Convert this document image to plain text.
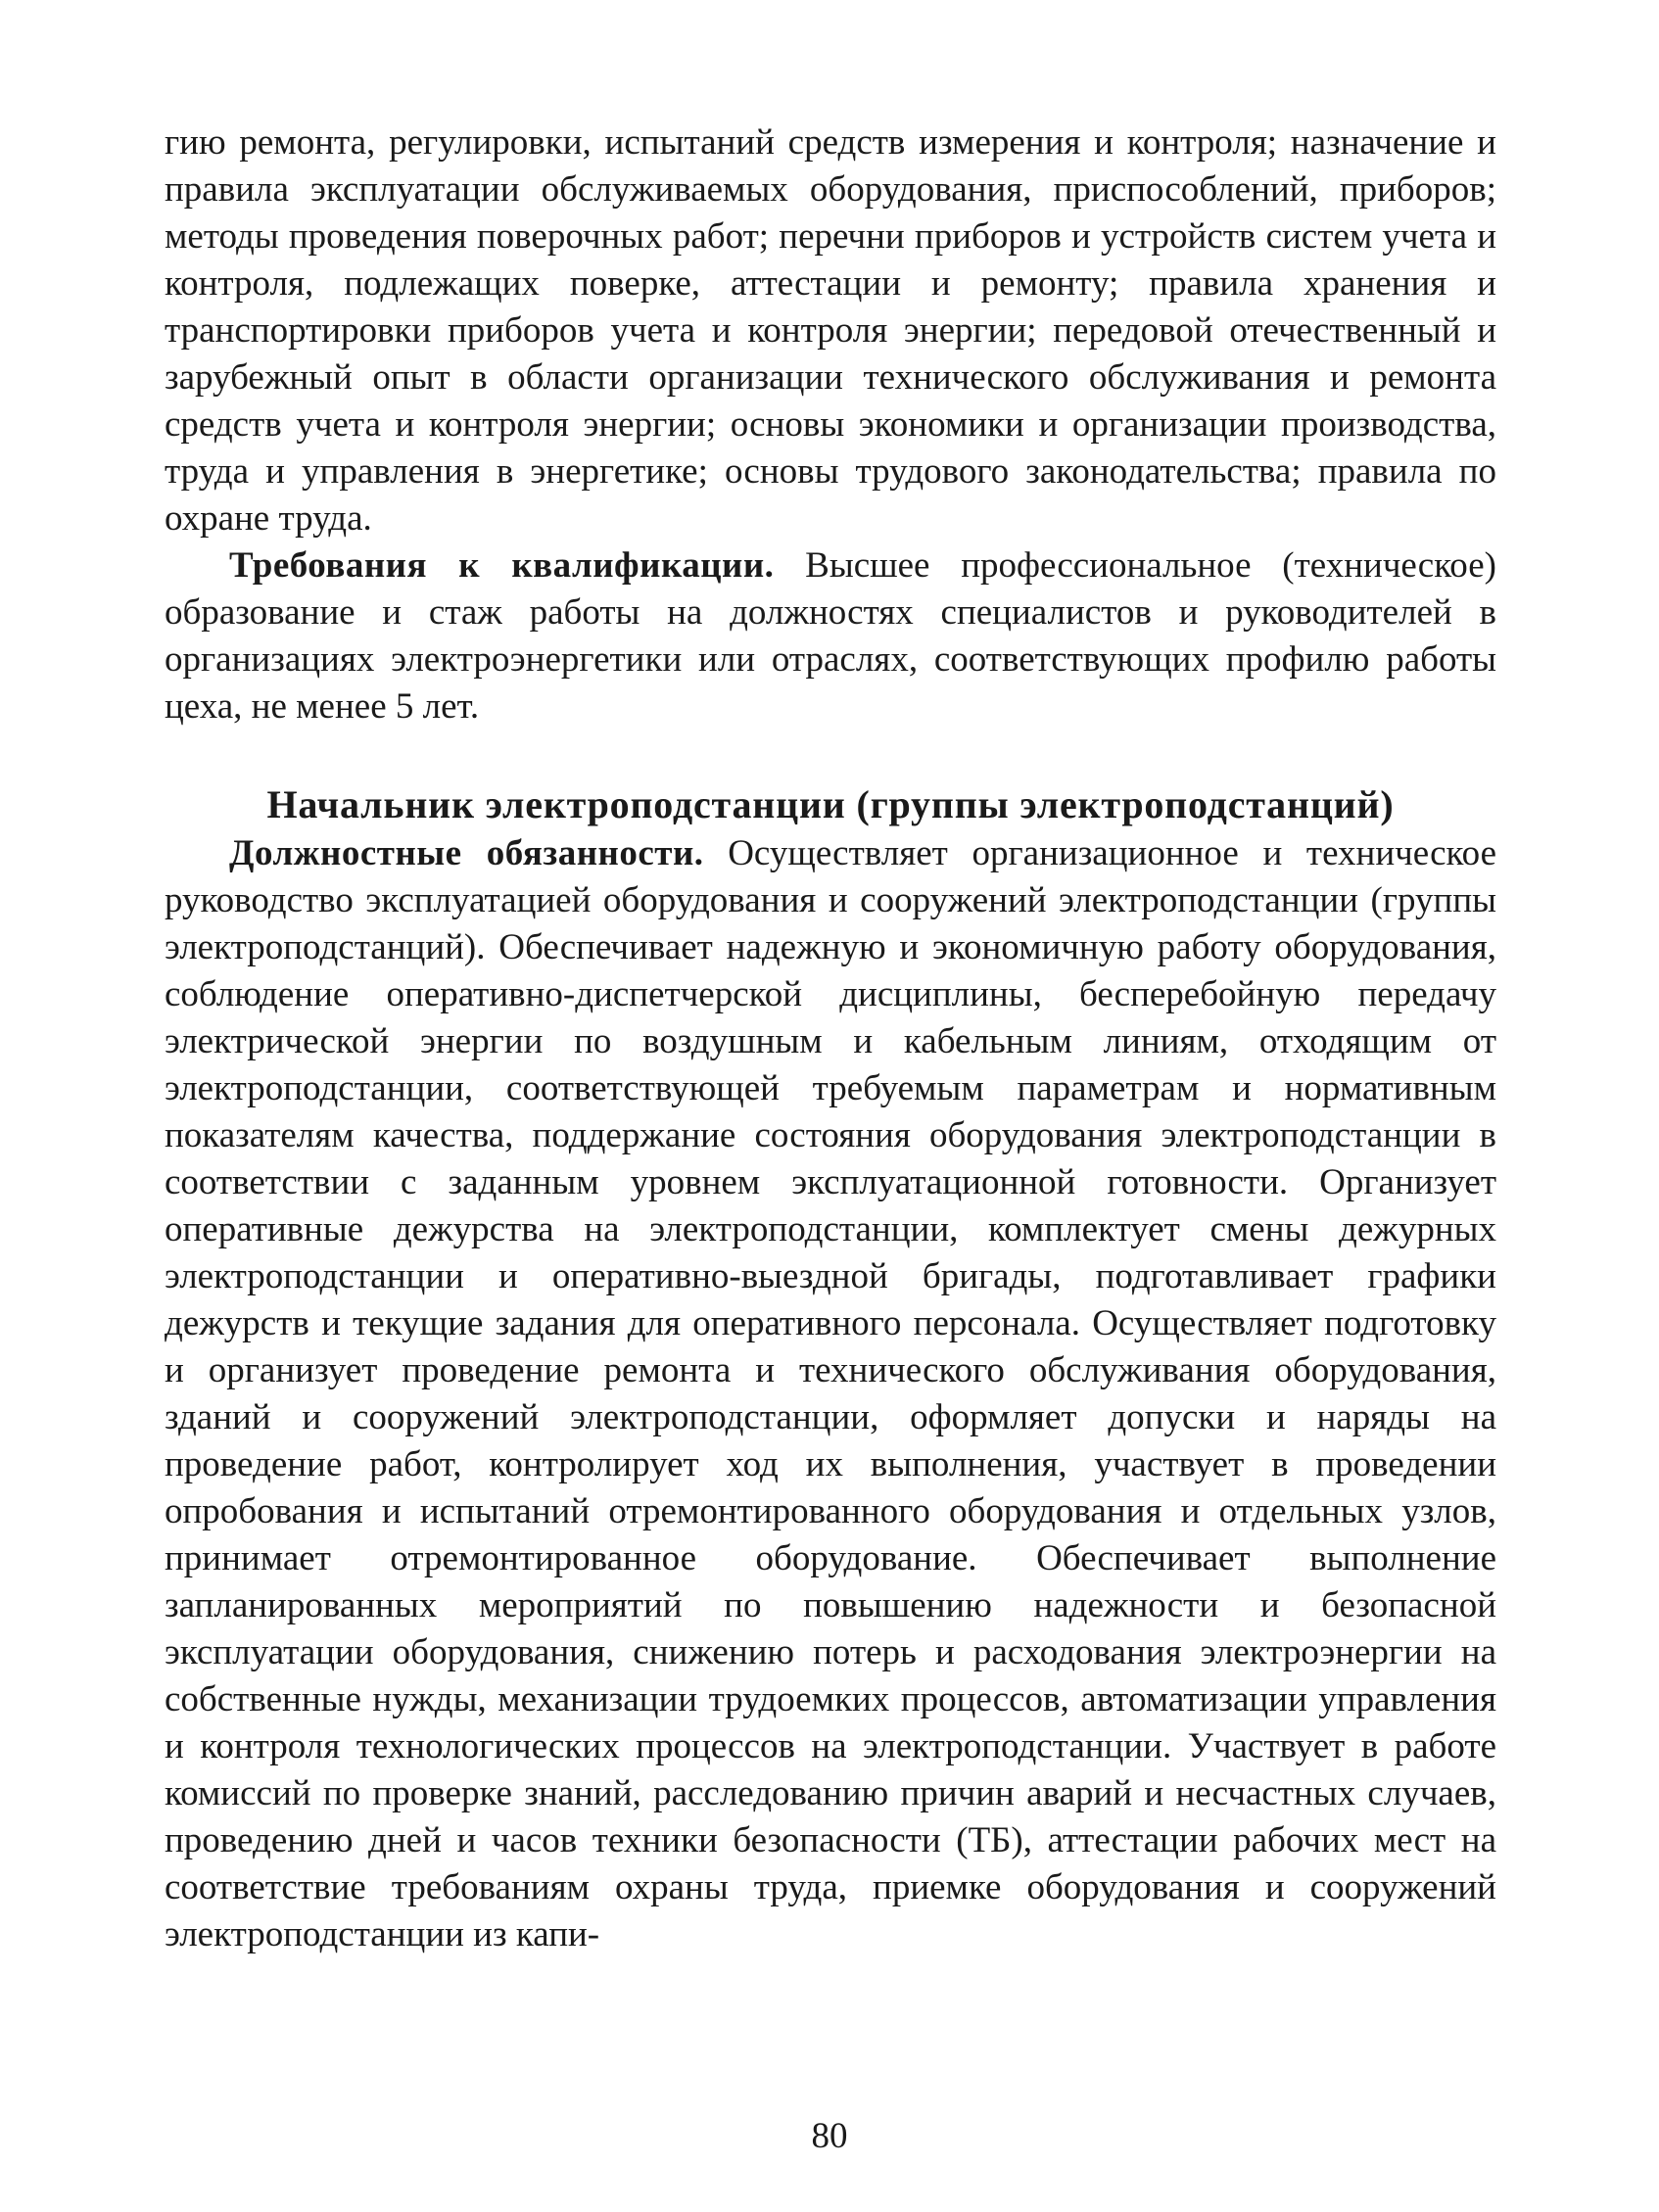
гию ремонта, регулировки, испытаний средств измерения и контроля; назначение и правила эксплуатации обслуживаемых оборудования, приспособлений, приборов; методы проведения поверочных работ; перечни приборов и устройств систем учета и контроля, подлежащих поверке, аттестации и ремонту; правила хранения и транспортировки приборов учета и контроля энергии; передовой отечественный и зарубежный опыт в области организации технического обслуживания и ремонта средств учета и контроля энергии; основы экономики и организации производства, труда и управления в энергетике; основы трудового законодательства; правила по охране труда.

Требования к квалификации. Высшее профессиональное (техническое) образование и стаж работы на должностях специалистов и руководителей в организациях электроэнергетики или отраслях, соответствующих профилю работы цеха, не менее 5 лет.

Начальник электроподстанции (группы электроподстанций)

Должностные обязанности. Осуществляет организационное и техническое руководство эксплуатацией оборудования и сооружений электроподстанции (группы электроподстанций). Обеспечивает надежную и экономичную работу оборудования, соблюдение оперативно-диспетчерской дисциплины, бесперебойную передачу электрической энергии по воздушным и кабельным линиям, отходящим от электроподстанции, соответствующей требуемым параметрам и нормативным показателям качества, поддержание состояния оборудования электроподстанции в соответствии с заданным уровнем эксплуатационной готовности. Организует оперативные дежурства на электроподстанции, комплектует смены дежурных электроподстанции и оперативно-выездной бригады, подготавливает графики дежурств и текущие задания для оперативного персонала. Осуществляет подготовку и организует проведение ремонта и технического обслуживания оборудования, зданий и сооружений электроподстанции, оформляет допуски и наряды на проведение работ, контролирует ход их выполнения, участвует в проведении опробования и испытаний отремонтированного оборудования и отдельных узлов, принимает отремонтированное оборудование. Обеспечивает выполнение запланированных мероприятий по повышению надежности и безопасной эксплуатации оборудования, снижению потерь и расходования электроэнергии на собственные нужды, механизации трудоемких процессов, автоматизации управления и контроля технологических процессов на электроподстанции. Участвует в работе комиссий по проверке знаний, расследованию причин аварий и несчастных случаев, проведению дней и часов техники безопасности (ТБ), аттестации рабочих мест на соответствие требованиям охраны труда, приемке оборудования и сооружений электроподстанции из капи-

80
